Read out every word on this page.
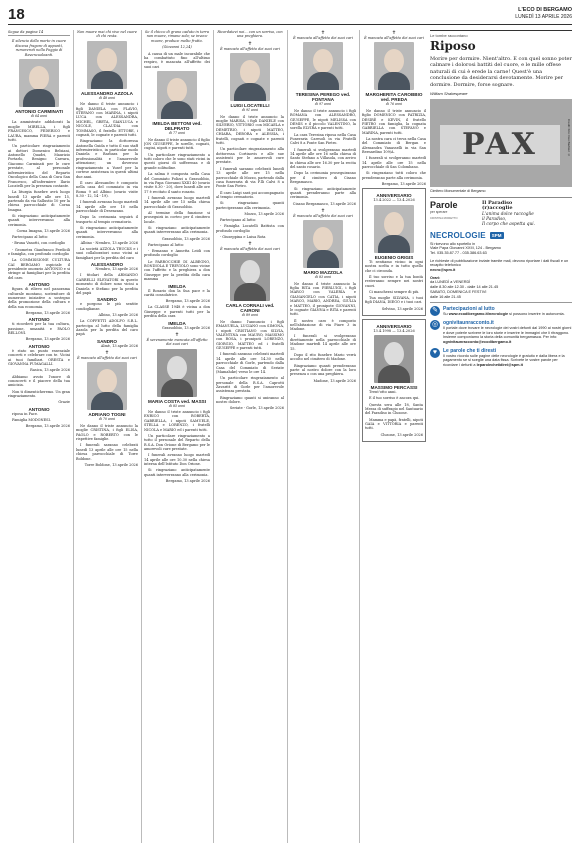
18	L'ECO DI BERGAMO
LUNEDÌ 13 APRILE 2026

Segue da pagina 14

Il silenzio della morte in cuore discesa fragore di appuntì, rumoreroti nella Poggio di Ravenzuoloanti.

ANTONIO CARMINATI

di 64 anni

La ammistrate addolorati la moglie MIRELLA, i figli FRANCESCO, FEDERICO e LAURA, mamma PIERA e parenti tutti.

Un particolare ringraziamento ai dottori Domenico Belsiani, Antonello Quadri, Maurizio Portarlo, Benigno Carrara, Giacomo Carminati per le cure prestate, al personale infermieristico del Reparto Oncologico della Casa di Cura San Francesco, all'infermiere Ilario Locatelli per la presenza costante.

La liturgia funebre avrà luogo lunedì 13 aprile alle ore 15, partendo da via Sallustio 10 per la chiesa parrocchiale di Corna Imagna.

Si ringraziano anticipatamente quanti interverranno alla cerimonia.

Corna Imagna, 13 aprile 2026

Partecipano al lutto:

- Bruna Vanotti, con cordoglio

- Geometra Gianfranco Perdicili e famiglia, con profondo cordoglio

La COMMISSIONE CULTURA CAI BERGAMO ospiciale il presidente onorario ANTONIO e si stringe ai famigliari per la perdita del caro.

ANTONIO

figura di rilievo nel panorama culturale montano, sostenitore di numerose iniziative a sostegno della promozione della cultura e della sua economia.

Bergamo, 13 aprile 2026

ANTONIO

ti ricorderò per la tua cultura, passione, umanità e PAOLO BELLONI.

Bergamo, 13 aprile 2026

ANTONIO

è stato un punto essenziale concerti e celebrare con te. Vicini ai tuoi familiari. ORESTA e GIOVANNA FUMAGALLI.

Rasica, 13 aprile 2026

Abbiamo avuto l'onore di conoscerti e il piacere della tua amicizia.

Non ti dimenticheremo. Un gran ringraziamento.

Grazie

ANTONIO

riposa in Pace.

Famiglia MODONESI.

Bergamo, 13 aprile 2026

Non muore mai chi vive nel cuore di chi resta.

ALESSANDRO AZZOLA

di 48 anni

Ne danno il triste annuncio i figli DANIELA con FLAVIO, STEFANO con MARINA, i nipoti LUCA con ALESSANDRA, MICHEL, GRETA, GIANLUCA e NICOLE, CLAUDIA con TOMMASO, il fratello ETTORE, i cognati, le cognate e parenti tutti.

Ringraziamo la dottoressa Antonella Guida e tutto il suo staff infermieristico, in particolar modo Daniela e Barbara per la professionalità e l'amorevole attenzione; un doveroso ringraziamento a Yusef per la cortese assistenza in questi ultimi due anni.

Il caro Alessandro è composto nella casa del commiato in via Roma 9 ad Albino (orario visite 8.30 - 12, 14 - 19).

I funerali avranno luogo martedì 14 aprile alle ore 10 nella parrocchiale di Desenzano.

Dopo la cerimonia seguirà il trasporto al tempio crematorio.

Si ringraziano anticipatamente quanti interverranno alla cerimonia.

Albino - Nembro, 13 aprile 2026

La società AZZOLA TRUCKS e i suoi collaboratori sono vicini ai famigliari per la perdita del caro

ALESSANDRO

Nembro, 13 aprile 2026

I titolari della ARMANDO CARRELLI ELEVATORI in questo momento di dolore sono vicini a Daniela e Stefano per la perdita del papà

SANDRO

e porgono le più sentite condoglianze.

Albino, 13 aprile 2026

La COFFETTI ADOLFO S.R.L. partecipa al lutto della famiglia Azzola per la perdita del caro papà

SANDRO

Almè, 13 aprile 2026

✝

È mancato all'affetto dei suoi cari

ADRIANO TOGNI

di 70 anni

Ne danno il triste annuncio la moglie CRISTINA, i figli ELISA, PAOLO e ROBERTO con le rispettive famiglie.

I funerali saranno celebrati lunedì 13 aprile alle ore 15 nella chiesa parrocchiale di Torre Boldone.

Torre Boldone, 13 aprile 2026

Se il chicco di grano caduto in terra non muore, rimane solo; se invece muore, produce molto frutto.

(Giovanni 12,24)

A causa di un male incurabile che ha combattuto fino all'ultimo respiro, è mancata all'affetto dei suoi cari

IMELDA BETTONI ved. DELPRATO

di 77 anni

Ne danno il triste annuncio il figlio JON GIUSEPPE, le sorelle, cognati, cugini, nipoti e parenti tutti.

Un particolare ringraziamento a tutti coloro che le sono stati vicini in questi giorni di sofferenza e di grande solitudine.

La salma è composta nella Casa del Commiato Polizzi a Grassobbio, in via Papa Giovanni XXIII 40 (orario visite 8.30 - 20), dove lunedì alle ore 17 è recitato il santo rosario.

I funerali avranno luogo martedì 14 aprile alle ore 15 nella chiesa parrocchiale di Grassobbio.

Al termine della funzione si proseguirà in corteo per il cimitero locale.

Si ringraziano anticipatamente quanti interverranno alla cerimonia.

Grassobbio, 13 aprile 2026

Partecipano al lutto:

- Ermanno e Annetta Leidi con profondo cordoglio

Le PARROCCHIE DI ALBEGNO, BONDIOLA E TREVIOLO sono vicine con l'affetto e la preghiera a don Giuseppe per la perdita della cara mamma

IMELDA

Il Rosario don la Sua pace e la carità consolatrice.

Bergamo, 13 aprile 2026

La CLASSE 1948 è vicina a don Giuseppe e parenti tutti per la perdita della cara

IMELDA

Grassobbio, 13 aprile 2026

✝

È serenamente mancata all'affetto dei suoi cari

MARIA COSTA ved. MASSI

di 85 anni

Ne danno il triste annuncio i figli ENRICO con ROBERTA, GABRIELLA, i nipoti SAMUELE, STELLA e LORENZO, i fratelli NICOLA e MARIO ed i parenti tutti.

Un particolare ringraziamento a tutto il personale del Reparto della R.S.A. Don Orione di Bergamo per le amorevoli cure prestate.

I funerali avranno luogo martedì 14 aprile alle ore 10.30 nella chiesa interna dell'Istituto Don Orione.

Si ringraziano anticipatamente quanti interverranno alla cerimonia.

Bergamo, 13 aprile 2026

Ricordatevi noi... con un sorriso, con una preghiera.

✝

È mancato all'affetto dei suoi cari

LUIGI LOCATELLI

di 91 anni

Ne danno il triste annuncio la moglie MARISA, i figli DANIELE con SILVERIO, VITTORIO con MICAELA e DEMETRIO, i nipoti MATTEO, CHIARA, DEBORA e ALESSIA, i fratelli, cognati e cognate e parenti tutti.

Un particolare ringraziamento alla dottoressa Cortinovis e alle sue assistenti per le amorevoli cure prestate.

I funerali saranno celebrati lunedì 13 aprile alle ore 15 nella parrocchiale di Mozzo, partendo dalla casa funeraria di via F.lli Calvi 8 a Ponte San Pietro.

Il caro Luigi sarà poi accompagnato al tempio crematorio.

Si ringraziano quanti parteciperanno alla cerimonia.

Mozzo, 13 aprile 2026

Partecipano al lutto:

- Famiglia Locatelli Battista con profondo cordoglio

- Giuseppina e Luisa Rota

✝

È mancata all'affetto dei suoi cari

CARLA CORNALI ved. CAIRONI

di 89 anni

Ne danno l'annuncio i figli EMANUELA, LUCIANO con SIMONA, i nipoti CRISTIANO con SILVIA, VALENTINA con MAURO, MASSIMO con ROSA, i pronipoti LORENZO, GIORGIO, MATTEO ed i fratelli GIUSEPPE e parenti tutti.

I funerali saranno celebrati martedì 14 aprile alle ore 14.30 nella parrocchiale di Gorle, partendo dalla Casa del Commiato di Seriate (Mamaluke) verso le ore 14.

Un particolare ringraziamento al personale della R.S.A. Caprotti Zavaritt di Gorle per l'amorevole assistenza prestata.

Ringraziamo quanti si uniranno al nostro dolore.

Seriate - Gorle, 13 aprile 2026

✝

È mancata all'affetto dei suoi cari

TERESINA PEREGO ved. FONTANA

di 97 anni

Ne danno il triste annuncio i figli ROMANA con ALESSANDRO, GIUSEPPE, le nipoti MELISSA con DEMIS e il piccolo VALENTINO, la sorella ELVIRA e parenti tutti.

La cara Teresina riposa nella Casa Funeraria Caresoli in via Fratelli Calvi 8 a Ponte San Pietro.

I funerali si svolgeranno martedì 14 aprile alle ore 16 nella chiesa di Santo Stefano a Villasola, con arrivo in chiesa alle ore 16.30 per la recita del santo rosario.

Dopo la cerimonia proseguiranno per il cimitero di Cisano Bergamasco.

Si ringraziano anticipatamente quanti prenderanno parte alla cerimonia.

Cisano Bergamasco, 13 aprile 2026

✝

È mancato all'affetto dei suoi cari

MARIO MAZZOLA

di 83 anni

Ne danno il triste annuncio la figlia RITA con PIERLUIGI, i figli MARCO con VALERIA e GIANANGELO con CATIA, i nipoti MARCO, MARIO, ANDREA, GIULIA e MATTEO, il pronipote GIOVANNI, le cognate GIANNA e RITA e parenti tutti.

Il nostro caro è composto nell'abitazione di via Piave 3 in Madone.

I funerali si svolgeranno direttamente nella parrocchiale di Madone martedì 14 aprile alle ore 15.

Dopo il rito funebre Mario verrà accolto nel cimitero di Madone.

Ringraziamo quanti prenderanno parte al nostro dolore con la loro presenza o con una preghiera.

Madone, 13 aprile 2026

✝

È mancata all'affetto dei suoi cari

MARGHERITA CAROBBIO ved. PREDA

di 76 anni

Ne danno il triste annuncio il figlio DOMENICO con PATRIZIA, DESIRÈ e KEVIN, il fratello PIETRO con famiglia, la cognata GABRIELLA con STEFANO e MARINA, parenti tutti.

La nostra cara ci trova nella Casa del Commiato di Bergan e Alessandra Vanasselli in via San Bernardino 109/A.

I funerali si svolgeranno martedì 14 aprile alle ore 15 nella parrocchiale di San Colombano.

Si ringraziano tutti coloro che prenderanno parte alla cerimonia.

Bergamo, 13 aprile 2026

ANNIVERSARIO

13.4.2022 — 13.4.2026

EUGENIO GRIGIS

Ti sentiamo vicino in ogni nostra scelta e in tutto quello che ci circonda.

Il tuo sorriso e la tua bontà resteranno sempre nei nostri cuori.

Ci mancherai sempre di più.

Tua moglie SILVANA, i tuoi figli DIANA, DIEGO e i tuoi cari.

Selvino, 13 aprile 2026

ANNIVERSARIO

13.4.1998 — 13.4.2026

MASSIMO PERCASSI

Trent'otto anni.

E il tuo sorriso è ancora qui.

Questa sera alle 18, Santa Messa di suffragio nel Santuario del Paradiso in Clusone.

Mamma e papà, fratelli, nipoti GAIA e VITTORIA e parenti tutti.

Clusone, 13 aprile 2026

Le tombe raccontano
Riposo

Morire per dormire. Nient'altro. E con quel sonno poter calmare i dolorosi battiti del cuore, e le mille offese naturali di cui è erede la carne! Quest'è una conclusione da desiderarsi devotamente. Morire per dormire. Dormire, forse sognare.

William Shakespeare
PAX	Credit: foto: Ceo Barbieri ©
Cimitero Monumentale di Bergamo
Parole
per sperare
CRISTINA MORETTO
Il Paradiso
(r)accoglie
L'anima dolce raccoglie
il Paradiso,
Il corpo che aspetta qui.
NECROLOGIE	SPM
Si ricevono allo sportello in
Viale Papa Giovanni XXIII, 124 - Bergamo
Tel. 035.35.87.77 - 035.386.63.63
Le richieste di pubblicazione inviate tramite mail, devono riportare i dati fiscali e un recapito telefonico
necro@spm.it
Orari:
da LUNEDÌ a VENERDÌ
dalle 8.30 alle 12.30 - dalle 14 alle 21.45
SABATO, DOMENICA E FESTIVI
dalle 16 alle 21.45
✎	Partecipazioni al lutto
Su www.ecodibergamo.it/necrologie si possono inserire in autonomia.
◎ ognivitaunracconto.it
Il portale dove trovare le necrologie dei vostri defunti dal 1990 ai nostri giorni e dove poterle scrivere le loro storie e inserire le immagini che li ritraggono. Insieme componiamo la storia della comunità bergamasca. Per info: ognivitaunracconto@ecodibergamo.it
♥	Le parole che ti diresti
Il vostro ricordo sulle pagine delle necrologie è gratuito e dalla libera e la pagamento se si sceglie una data fissa. Scrivete le vostre parole per ricordare i defunti a leparolechetidirei@spm.it
